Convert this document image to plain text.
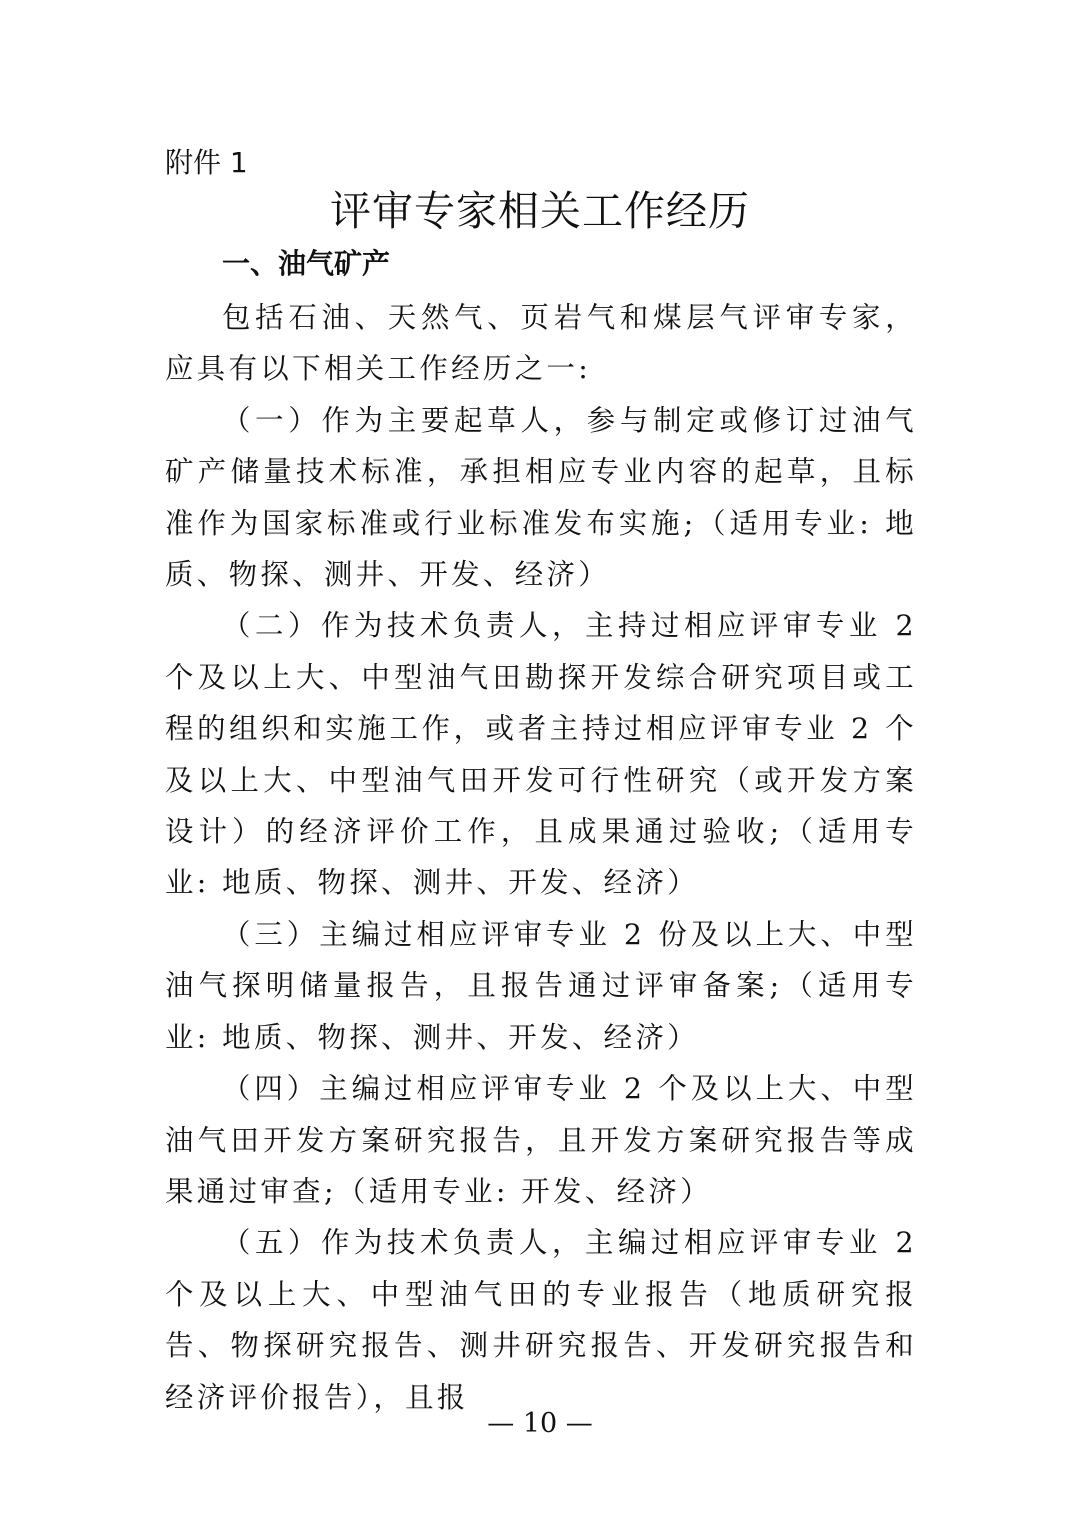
附件 1
评审专家相关工作经历
一、油气矿产

包括石油、天然气、页岩气和煤层气评审专家，应具有以下相关工作经历之一:

（一）作为主要起草人，参与制定或修订过油气矿产储量技术标准，承担相应专业内容的起草，且标准作为国家标准或行业标准发布实施;（适用专业: 地质、物探、测井、开发、经济）

（二）作为技术负责人，主持过相应评审专业 2 个及以上大、中型油气田勘探开发综合研究项目或工程的组织和实施工作，或者主持过相应评审专业 2 个及以上大、中型油气田开发可行性研究（或开发方案设计）的经济评价工作，且成果通过验收;（适用专业: 地质、物探、测井、开发、经济）

（三）主编过相应评审专业 2 份及以上大、中型油气探明储量报告，且报告通过评审备案;（适用专业: 地质、物探、测井、开发、经济）

（四）主编过相应评审专业 2 个及以上大、中型油气田开发方案研究报告，且开发方案研究报告等成果通过审查;（适用专业: 开发、经济）

（五）作为技术负责人，主编过相应评审专业 2 个及以上大、中型油气田的专业报告（地质研究报告、物探研究报告、测井研究报告、开发研究报告和经济评价报告），且报

— 10 —
